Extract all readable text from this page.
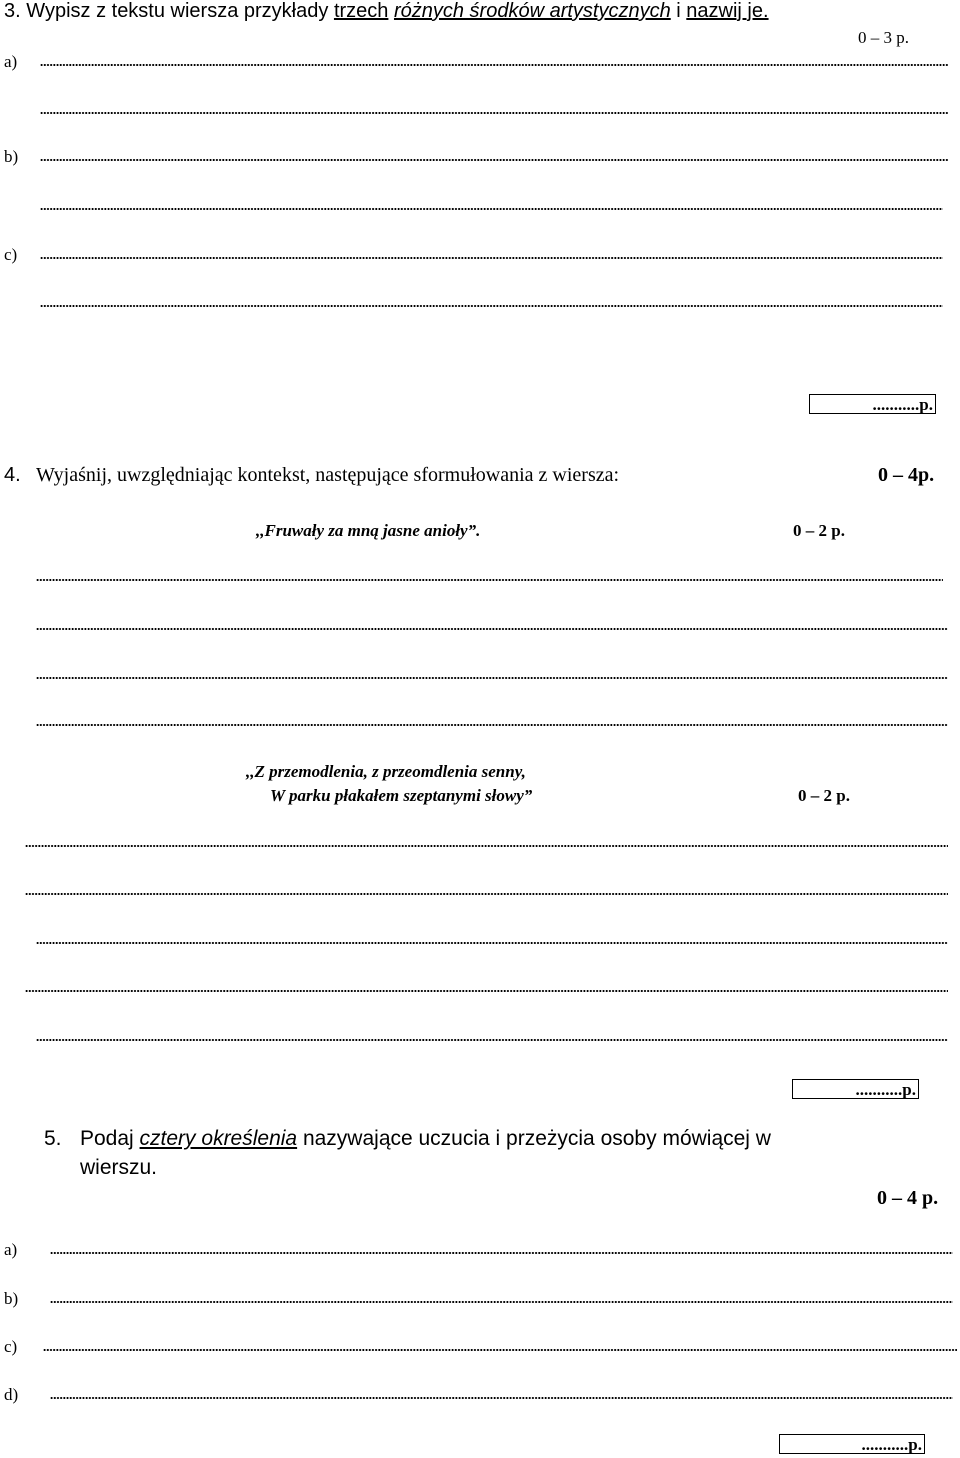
3. Wypisz z tekstu wiersza przykłady trzech różnych środków artystycznych i nazwij je.
0 – 3 p.
a)
b)
c)
...........p.
4. Wyjaśnij, uwzględniając kontekst, następujące sformułowania z wiersza:	0 – 4p.
,,Fruwały za mną jasne anioły”.	0 – 2 p.
,,Z przemodlenia, z przeomdlenia senny,
W parku płakałem szeptanymi słowy”	0 – 2 p.
...........p.
5. Podaj cztery określenia nazywające uczucia i przeżycia osoby mówiącej w
wierszu.
0 – 4 p.
a)
b)
c)
d)
...........p.
